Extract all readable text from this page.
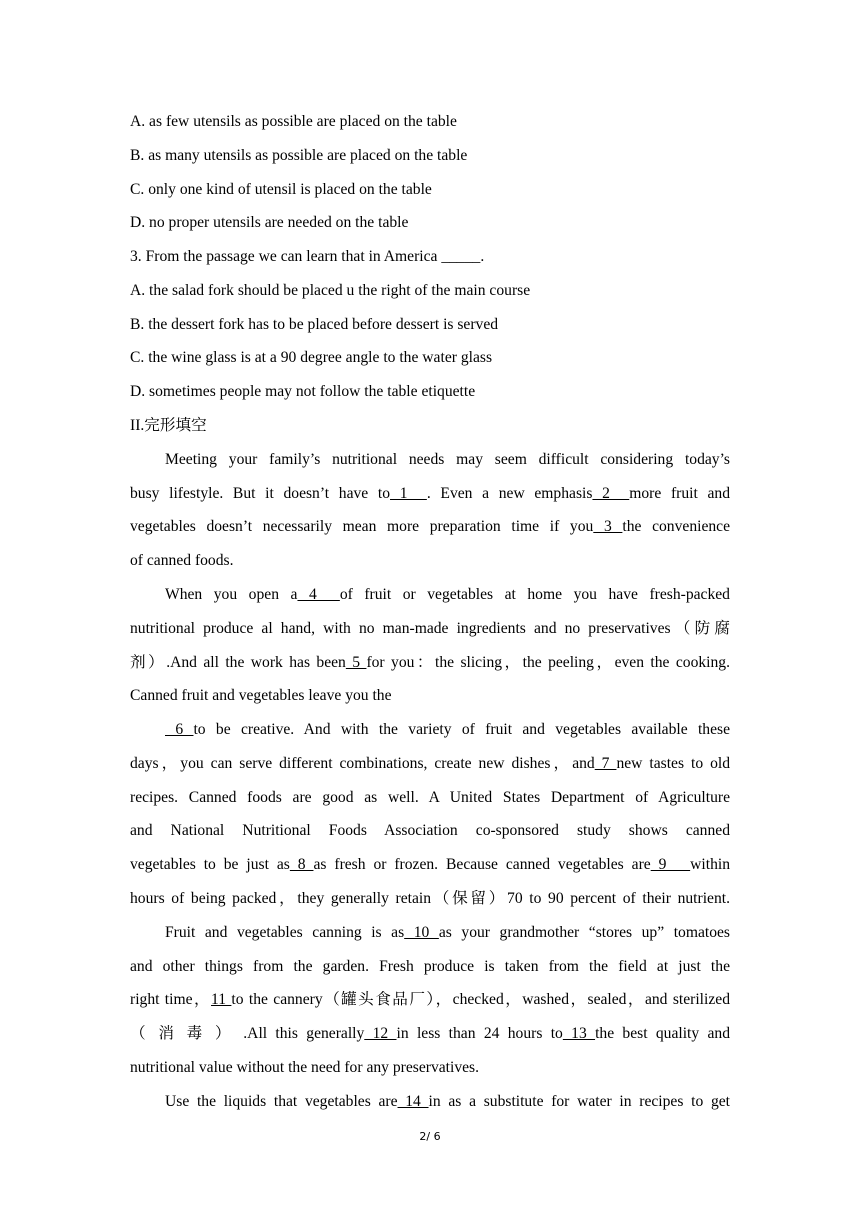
A. as few utensils as possible are placed on the table
B. as many utensils as possible are placed on the table
C. only one kind of utensil is placed on the table
D. no proper utensils are needed on the table
3. From the passage we can learn that in America _____.
A. the salad fork should be placed u the right of the main course
B. the dessert fork has to be placed before dessert is served
C. the wine glass is at a 90 degree angle to the water glass
D. sometimes people may not follow the table etiquette
II.完形填空
Meeting your family’s nutritional needs may seem difficult considering today’s
busy lifestyle. But it doesn’t have to 1  . Even a new emphasis 2  more fruit and
vegetables doesn’t necessarily mean more preparation time if you 3 the convenience
of canned foods.
When you open a 4  of fruit or vegetables at home you have fresh-packed
nutritional produce al hand, with no man-made ingredients and no preservatives（防腐
剂）.And all the work has been 5 for you：the slicing，the peeling，even the cooking.
Canned fruit and vegetables leave you the
6 to be creative. And with the variety of fruit and vegetables available these
days，you can serve different combinations, create new dishes，and 7 new tastes to old
recipes. Canned foods are good as well. A United States Department of Agriculture
and National Nutritional Foods Association co-sponsored study shows canned
vegetables to be just as 8 as fresh or frozen. Because canned vegetables are 9   within
hours of being packed，they generally retain（保留）70 to 90 percent of their nutrient.
Fruit and vegetables canning is as 10 as your grandmother “stores up” tomatoes
and other things from the garden. Fresh produce is taken from the field at just the
right time，11 to the cannery（罐头食品厂），checked，washed，sealed，and sterilized
（ 消 毒 ） .All this generally 12 in less than 24 hours to 13 the best quality and
nutritional value without the need for any preservatives.
Use the liquids that vegetables are 14 in as a substitute for water in recipes to get
2/ 6
